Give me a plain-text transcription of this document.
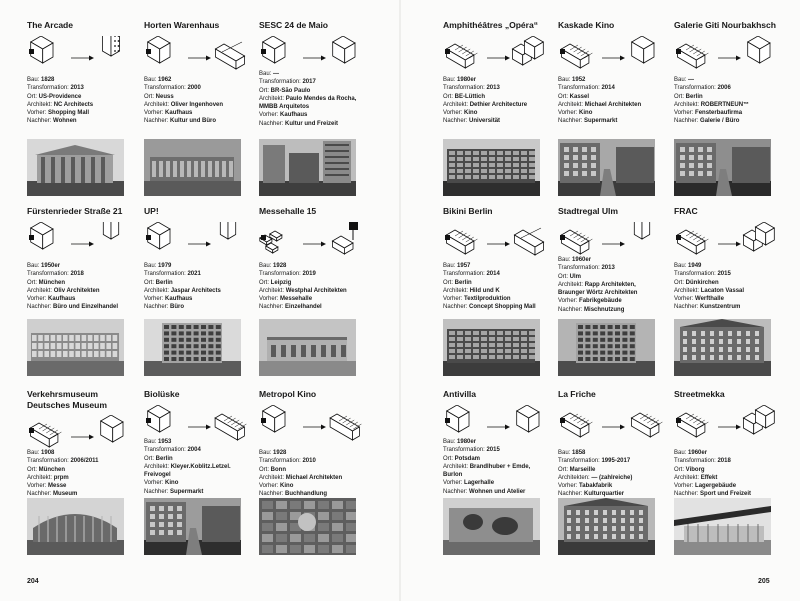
The Arcade
Bau: 1828
Transformation: 2013
Ort: US-Providence
Architekt: NC Architects
Vorher: Shopping Mall
Nachher: Wohnen
Horten Warenhaus
Bau: 1962
Transformation: 2000
Ort: Neuss
Architekt: Oliver Ingenhoven
Vorher: Kaufhaus
Nachher: Kultur und Büro
SESC 24 de Maio
Bau: —
Transformation: 2017
Ort: BR-São Paulo
Architekt: Paulo Mendes da Rocha, MMBB Arquitetos
Vorher: Kaufhaus
Nachher: Kultur und Freizeit
Amphithéâtres „Opéra“
Bau: 1980er
Transformation: 2013
Ort: BE-Lüttich
Architekt: Dethier Architecture
Vorher: Kino
Nachher: Universität
Kaskade Kino
Bau: 1952
Transformation: 2014
Ort: Kassel
Architekt: Michael Architekten
Vorher: Kino
Nachher: Supermarkt
Galerie Giti Nourbakhsch
Bau: —
Transformation: 2006
Ort: Berlin
Architekt: ROBERTNEUN™
Vorher: Fensterbaufirma
Nachher: Galerie / Büro
Fürstenrieder Straße 21
Bau: 1950er
Transformation: 2018
Ort: München
Architekt: Oliv Architekten
Vorher: Kaufhaus
Nachher: Büro und Einzelhandel
UP!
Bau: 1979
Transformation: 2021
Ort: Berlin
Architekt: Jaspar Architects
Vorher: Kaufhaus
Nachher: Büro
Messehalle 15
Bau: 1928
Transformation: 2019
Ort: Leipzig
Architekt: Westphal Architekten
Vorher: Messehalle
Nachher: Einzelhandel
Bikini Berlin
Bau: 1957
Transformation: 2014
Ort: Berlin
Architekt: Hild und K
Vorher: Textilproduktion
Nachher: Concept Shopping Mall
Stadtregal Ulm
Bau: 1960er
Transformation: 2013
Ort: Ulm
Architekt: Rapp Architekten, Braunger Wörtz Architekten
Vorher: Fabrikgebäude
Nachher: Mischnutzung
FRAC
Bau: 1949
Transformation: 2015
Ort: Dünkirchen
Architekt: Lacaton Vassal
Vorher: Werfthalle
Nachher: Kunstzentrum
Verkehrsmuseum Deutsches Museum
Bau: 1908
Transformation: 2006/2011
Ort: München
Architekt: prpm
Vorher: Messe
Nachher: Museum
Biolüske
Bau: 1953
Transformation: 2004
Ort: Berlin
Architekt: Kleyer.Koblitz.Letzel. Freivogel
Vorher: Kino
Nachher: Supermarkt
Metropol Kino
Bau: 1928
Transformation: 2010
Ort: Bonn
Architekt: Michael Architekten
Vorher: Kino
Nachher: Buchhandlung
Antivilla
Bau: 1980er
Transformation: 2015
Ort: Potsdam
Architekt: Brandlhuber + Emde, Burlon
Vorher: Lagerhalle
Nachher: Wohnen und Atelier
La Friche
Bau: 1858
Transformation: 1995-2017
Ort: Marseille
Architekten: — (zahlreiche)
Vorher: Tabakfabrik
Nachher: Kulturquartier
Streetmekka
Bau: 1960er
Transformation: 2018
Ort: Viborg
Architekt: Effekt
Vorher: Lagergebäude
Nachher: Sport und Freizeit
204	205
